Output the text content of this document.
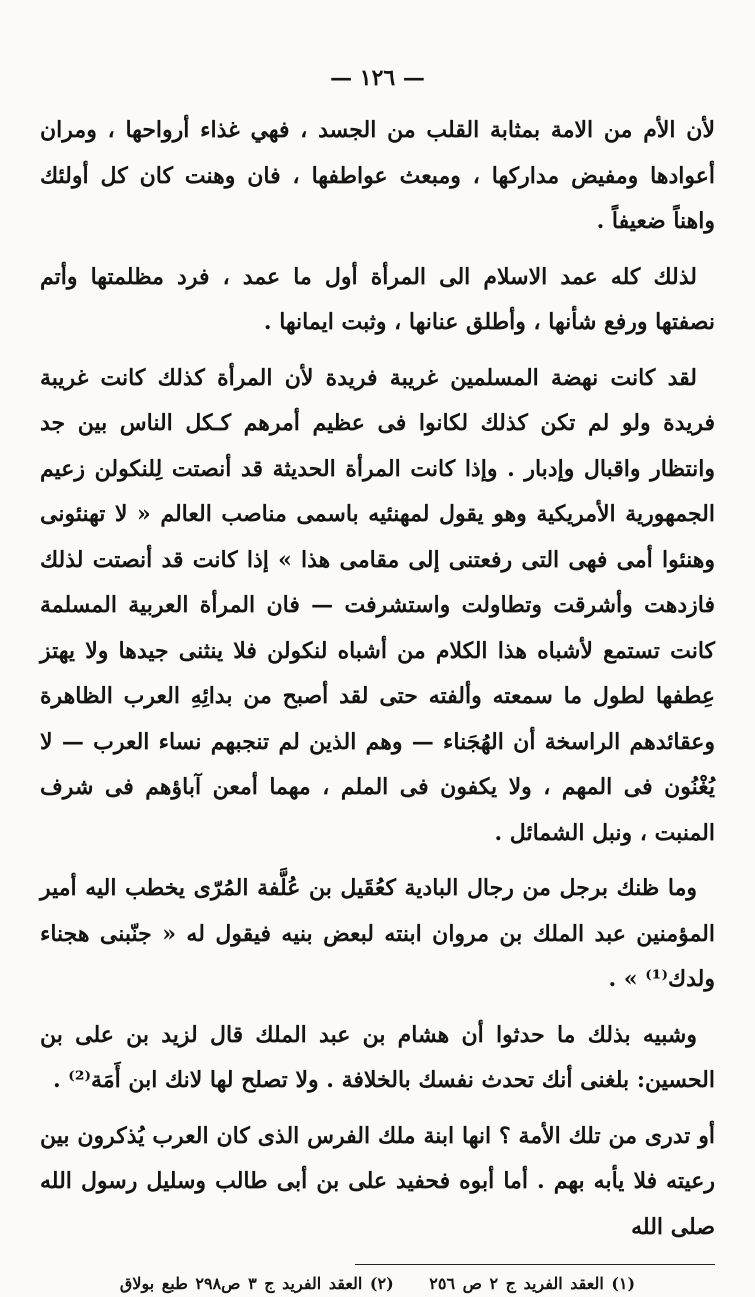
— ١٢٦ —

لأن الأم من الامة بمثابة القلب من الجسد ، فهي غذاء أرواحها ، ومران أعوادها ومفيض مداركها ، ومبعث عواطفها ، فان وهنت كان كل أولئك واهناً ضعيفاً .

لذلك كله عمد الاسلام الى المرأة أول ما عمد ، فرد مظلمتها وأتم نصفتها ورفع شأنها ، وأطلق عنانها ، وثبت ايمانها .

لقد كانت نهضة المسلمين غريبة فريدة لأن المرأة كذلك كانت غريبة فريدة ولو لم تكن كذلك لكانوا فى عظيم أمرهم كـكل الناس بين جد وانتظار واقبال وإدبار . وإذا كانت المرأة الحديثة قد أنصتت لِلنكولن زعيم الجمهورية الأمريكية وهو يقول لمهنئيه باسمى مناصب العالم « لا تهنئونى وهنئوا أمى فهى التى رفعتنى إلى مقامى هذا » إذا كانت قد أنصتت لذلك فازدهت وأشرقت وتطاولت واستشرفت — فان المرأة العربية المسلمة كانت تستمع لأشباه هذا الكلام من أشباه لنكولن فلا ينثنى جيدها ولا يهتز عِطفها لطول ما سمعته وألفته حتى لقد أصبح من بدائِهِ العرب الظاهرة وعقائدهم الراسخة أن الهُجَناء — وهم الذين لم تنجبهم نساء العرب — لا يُغْنُون فى المهم ، ولا يكفون فى الملم ، مهما أمعن آباؤهم فى شرف المنبت ، ونبل الشمائل .

وما ظنك برجل من رجال البادية كعُقَيل بن عُلَّفة المُرّى يخطب اليه أمير المؤمنين عبد الملك بن مروان ابنته لبعض بنيه فيقول له « جنّبنى هجناء ولدك⁽¹⁾ » .

وشبيه بذلك ما حدثوا أن هشام بن عبد الملك قال لزيد بن على بن الحسين: بلغنى أنك تحدث نفسك بالخلافة . ولا تصلح لها لانك ابن أَمَة⁽²⁾ .

أو تدرى من تلك الأمة ؟ انها ابنة ملك الفرس الذى كان العرب يُذكرون بين رعيته فلا يأبه بهم . أما أبوه فحفيد على بن أبى طالب وسليل رسول الله صلى الله

(١) العقد الفريد ج ٢ ص ٢٥٦ (٢) العقد الفريد ج ٣ ص٢٩٨ طبع بولاق
